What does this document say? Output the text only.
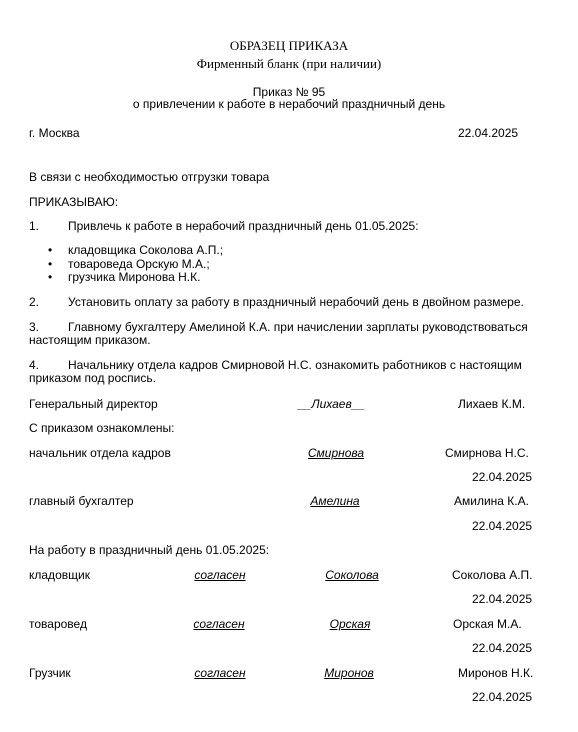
ОБРАЗЕЦ ПРИКАЗА
Фирменный бланк (при наличии)
Приказ № 95
о привлечении к работе в нерабочий праздничный день
г. Москва	22.04.2025
В связи с необходимостью отгрузки товара
ПРИКАЗЫВАЮ:
1. Привлечь к работе в нерабочий праздничный день 01.05.2025:
• кладовщика Соколова А.П.;
• товароведа Орскую М.А.;
• грузчика Миронова Н.К.
2. Установить оплату за работу в праздничный нерабочий день в двойном размере.
3. Главному бухгалтеру Амелиной К.А. при начислении зарплаты руководствоваться
настоящим приказом.
4. Начальнику отдела кадров Смирновой Н.С. ознакомить работников с настоящим
приказом под роспись.
Генеральный директор	__Лихаев__	Лихаев К.М.
С приказом ознакомлены:
начальник отдела кадров	Смирнова	Смирнова Н.С.
22.04.2025
главный бухгалтер	Амелина	Амилина К.А.
22.04.2025
На работу в праздничный день 01.05.2025:
кладовщик	согласен	Соколова	Соколова А.П.
22.04.2025
товаровед	согласен	Орская	Орская М.А.
22.04.2025
Грузчик	согласен	Миронов	Миронов Н.К.
22.04.2025
